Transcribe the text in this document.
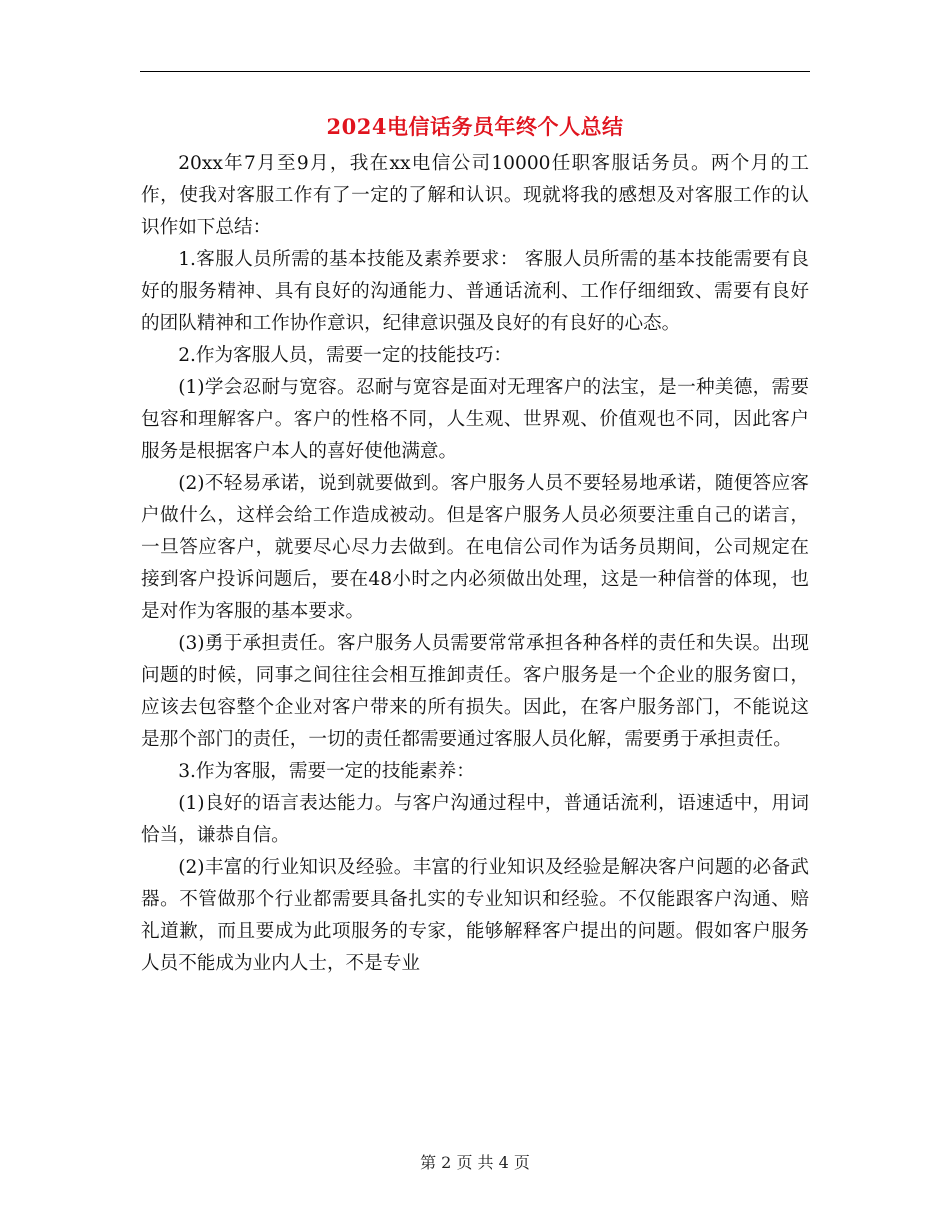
2024电信话务员年终个人总结

20xx年7月至9月，我在xx电信公司10000任职客服话务员。两个月的工作，使我对客服工作有了一定的了解和认识。现就将我的感想及对客服工作的认识作如下总结：

1.客服人员所需的基本技能及素养要求： 客服人员所需的基本技能需要有良好的服务精神、具有良好的沟通能力、普通话流利、工作仔细细致、需要有良好的团队精神和工作协作意识，纪律意识强及良好的有良好的心态。

2.作为客服人员，需要一定的技能技巧：

(1)学会忍耐与宽容。忍耐与宽容是面对无理客户的法宝，是一种美德，需要包容和理解客户。客户的性格不同，人生观、世界观、价值观也不同，因此客户服务是根据客户本人的喜好使他满意。

(2)不轻易承诺，说到就要做到。客户服务人员不要轻易地承诺，随便答应客户做什么，这样会给工作造成被动。但是客户服务人员必须要注重自己的诺言，一旦答应客户，就要尽心尽力去做到。在电信公司作为话务员期间，公司规定在接到客户投诉问题后，要在48小时之内必须做出处理，这是一种信誉的体现，也是对作为客服的基本要求。

(3)勇于承担责任。客户服务人员需要常常承担各种各样的责任和失误。出现问题的时候，同事之间往往会相互推卸责任。客户服务是一个企业的服务窗口，应该去包容整个企业对客户带来的所有损失。因此，在客户服务部门，不能说这是那个部门的责任，一切的责任都需要通过客服人员化解，需要勇于承担责任。

3.作为客服，需要一定的技能素养：

(1)良好的语言表达能力。与客户沟通过程中，普通话流利，语速适中，用词恰当，谦恭自信。

(2)丰富的行业知识及经验。丰富的行业知识及经验是解决客户问题的必备武器。不管做那个行业都需要具备扎实的专业知识和经验。不仅能跟客户沟通、赔礼道歉，而且要成为此项服务的专家，能够解释客户提出的问题。假如客户服务人员不能成为业内人士，不是专业

第 2 页 共 4 页
